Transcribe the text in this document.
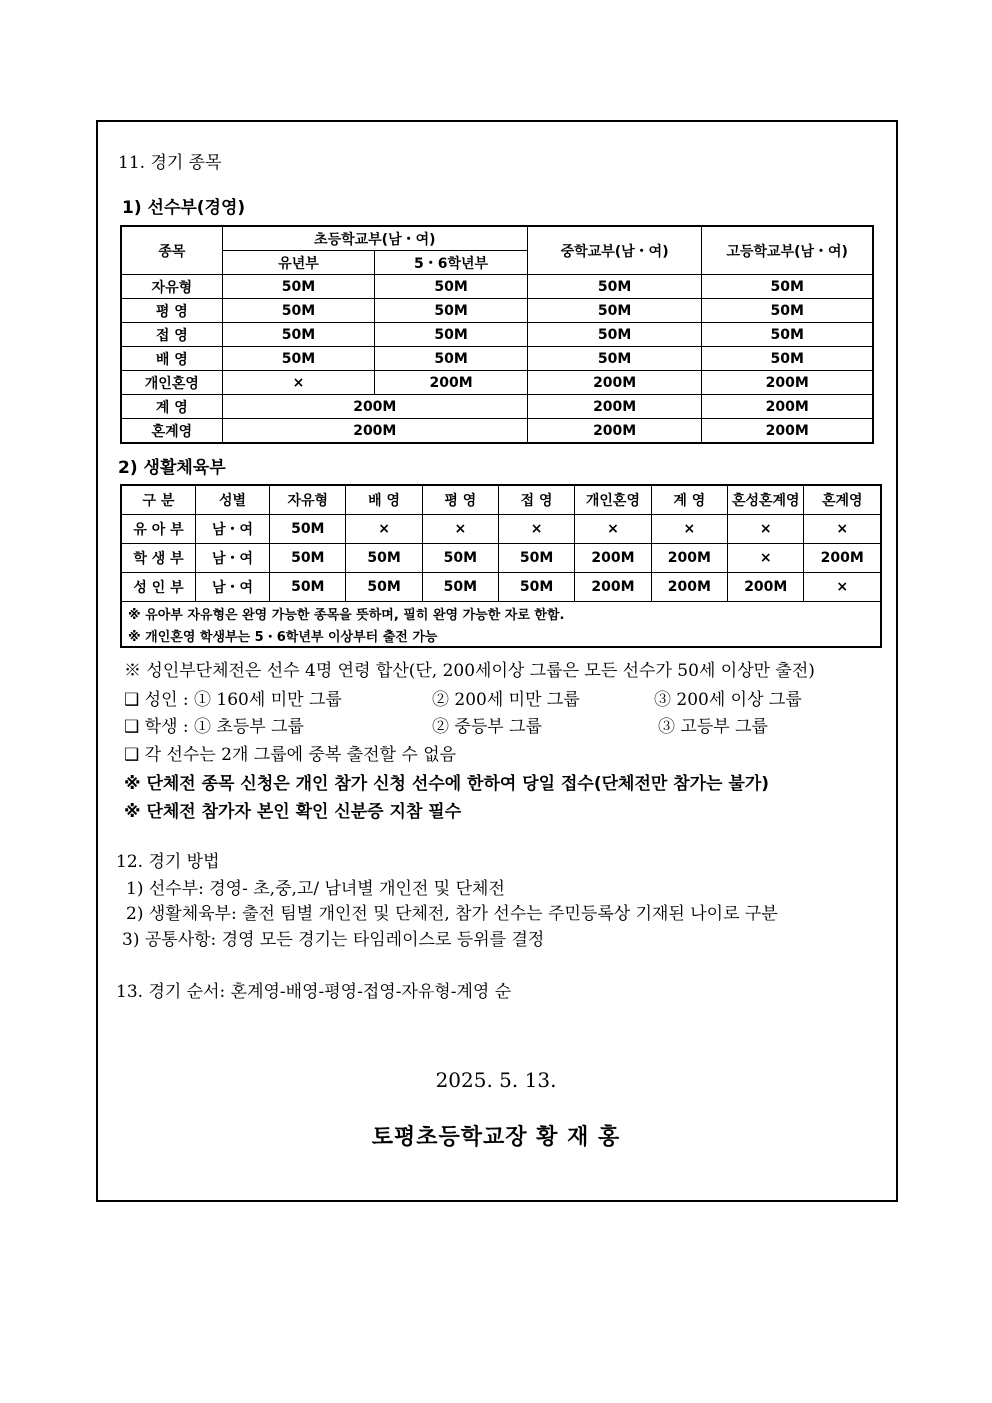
11. 경기 종목
1) 선수부(경영)
종목	초등학교부(남・여)		중학교부(남・여)	고등학교부(남・여)
	유년부	5・6학년부		
자유형	50M	50M	50M	50M
평 영	50M	50M	50M	50M
접 영	50M	50M	50M	50M
배 영	50M	50M	50M	50M
개인혼영	×	200M	200M	200M
계 영	200M		200M	200M
혼계영	200M		200M	200M
2) 생활체육부
구 분	성별	자유형	배 영	평 영	접 영	개인혼영	계 영	혼성혼계영	혼계영
유 아 부	남・여	50M	×	×	×	×	×	×	×
학 생 부	남・여	50M	50M	50M	50M	200M	200M	×	200M
성 인 부	남・여	50M	50M	50M	50M	200M	200M	200M	×
※ 유아부 자유형은 완영 가능한 종목을 뜻하며, 필히 완영 가능한 자로 한함.									
※ 개인혼영 학생부는 5・6학년부 이상부터 출전 가능									
※ 성인부단체전은 선수 4명 연령 합산(단, 200세이상 그룹은 모든 선수가 50세 이상만 출전)
❑ 성인 : ① 160세 미만 그룹	② 200세 미만 그룹	③ 200세 이상 그룹
❑ 학생 : ① 초등부 그룹	② 중등부 그룹	③ 고등부 그룹
❑ 각 선수는 2개 그룹에 중복 출전할 수 없음
※ 단체전 종목 신청은 개인 참가 신청 선수에 한하여 당일 접수(단체전만 참가는 불가)
※ 단체전 참가자 본인 확인 신분증 지참 필수
12. 경기 방법
1) 선수부: 경영- 초,중,고/ 남녀별 개인전 및 단체전
2) 생활체육부: 출전 팀별 개인전 및 단체전, 참가 선수는 주민등록상 기재된 나이로 구분
3) 공통사항: 경영 모든 경기는 타임레이스로 등위를 결정
13. 경기 순서: 혼계영-배영-평영-접영-자유형-계영 순
2025. 5. 13.
토평초등학교장 황 재 홍
